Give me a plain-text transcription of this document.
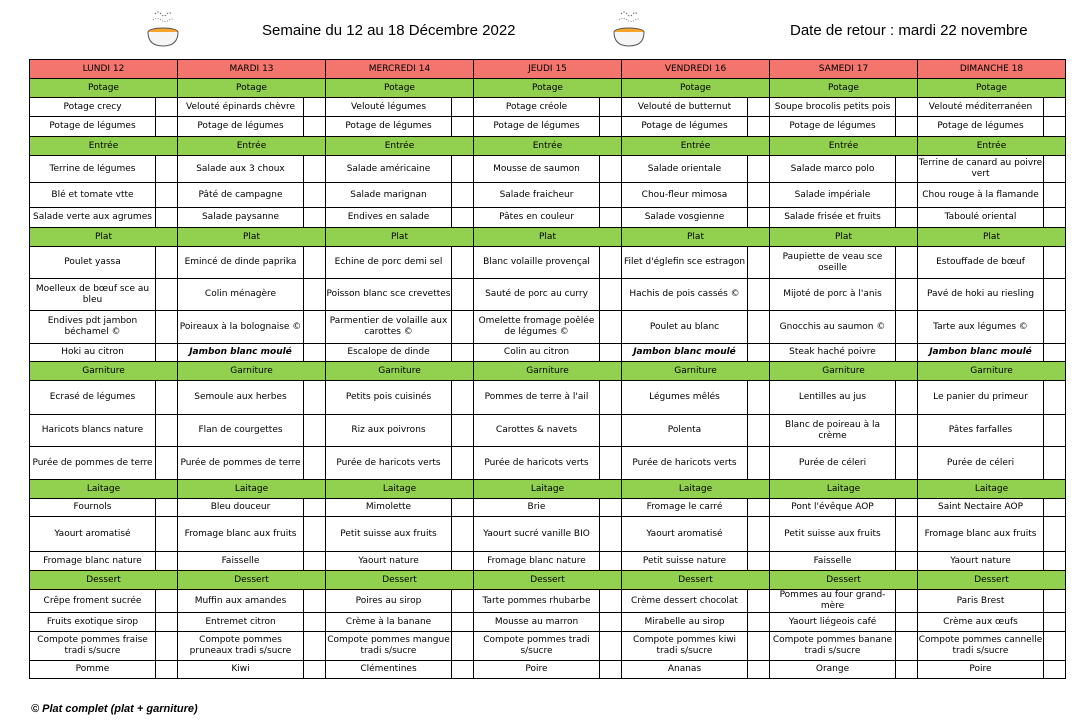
Semaine du 12 au 18 Décembre 2022	Date de retour : mardi 22 novembre
LUNDI 12		MARDI 13		MERCREDI 14		JEUDI 15		VENDREDI 16		SAMEDI 17		DIMANCHE 18	
Potage		Potage		Potage		Potage		Potage		Potage		Potage	
Potage crecy		Velouté épinards chèvre		Velouté légumes		Potage créole		Velouté de butternut		Soupe brocolis petits pois		Velouté méditerranéen	
Potage de légumes		Potage de légumes		Potage de légumes		Potage de légumes		Potage de légumes		Potage de légumes		Potage de légumes	
Entrée		Entrée		Entrée		Entrée		Entrée		Entrée		Entrée	
Terrine de légumes		Salade aux 3 choux		Salade américaine		Mousse de saumon		Salade orientale		Salade marco polo		Terrine de canard au poivre vert	
Blé et tomate vtte		Pâté de campagne		Salade marignan		Salade fraicheur		Chou-fleur mimosa		Salade impériale		Chou rouge à la flamande	
Salade verte aux agrumes		Salade paysanne		Endives en salade		Pâtes en couleur		Salade vosgienne		Salade frisée et fruits		Taboulé oriental	
Plat		Plat		Plat		Plat		Plat		Plat		Plat	
Poulet yassa		Emincé de dinde paprika		Echine de porc demi sel		Blanc volaille provençal		Filet d'églefin sce estragon		Paupiette de veau sce oseille		Estouffade de bœuf	
Moelleux de bœuf sce au bleu		Colin ménagère		Poisson blanc sce crevettes		Sauté de porc au curry		Hachis de pois cassés ©		Mijoté de porc à l'anis		Pavé de hoki au riesling	
Endives pdt jambon béchamel ©		Poireaux à la bolognaise ©		Parmentier de volaille aux carottes ©		Omelette fromage poêlée de légumes ©		Poulet au blanc		Gnocchis au saumon ©		Tarte aux légumes ©	
Hoki au citron		Jambon blanc moulé		Escalope de dinde		Colin au citron		Jambon blanc moulé		Steak haché poivre		Jambon blanc moulé	
Garniture		Garniture		Garniture		Garniture		Garniture		Garniture		Garniture	
Ecrasé de légumes		Semoule aux herbes		Petits pois cuisinés		Pommes de terre à l'ail		Légumes mêlés		Lentilles au jus		Le panier du primeur	
Haricots blancs nature		Flan de courgettes		Riz aux poivrons		Carottes & navets		Polenta		Blanc de poireau à la crème		Pâtes farfalles	
Purée de pommes de terre		Purée de pommes de terre		Purée de haricots verts		Purée de haricots verts		Purée de haricots verts		Purée de céleri		Purée de céleri	
Laitage		Laitage		Laitage		Laitage		Laitage		Laitage		Laitage	
Fournols		Bleu douceur		Mimolette		Brie		Fromage le carré		Pont l'évêque AOP		Saint Nectaire AOP	
Yaourt aromatisé		Fromage blanc aux fruits		Petit suisse aux fruits		Yaourt sucré vanille BIO		Yaourt aromatisé		Petit suisse aux fruits		Fromage blanc aux fruits	
Fromage blanc nature		Faisselle		Yaourt nature		Fromage blanc nature		Petit suisse nature		Faisselle		Yaourt nature	
Dessert		Dessert		Dessert		Dessert		Dessert		Dessert		Dessert	
Crêpe froment sucrée		Muffin aux amandes		Poires au sirop		Tarte pommes rhubarbe		Crème dessert chocolat		Pommes au four grand-mère		Paris Brest	
Fruits exotique sirop		Entremet citron		Crème à la banane		Mousse au marron		Mirabelle au sirop		Yaourt liégeois café		Crème aux œufs	
Compote pommes fraise tradi s/sucre		Compote pommes pruneaux tradi s/sucre		Compote pommes mangue tradi s/sucre		Compote pommes tradi s/sucre		Compote pommes kiwi tradi s/sucre		Compote pommes banane tradi s/sucre		Compote pommes cannelle tradi s/sucre	
Pomme		Kiwi		Clémentines		Poire		Ananas		Orange		Poire	
© Plat complet (plat + garniture)
